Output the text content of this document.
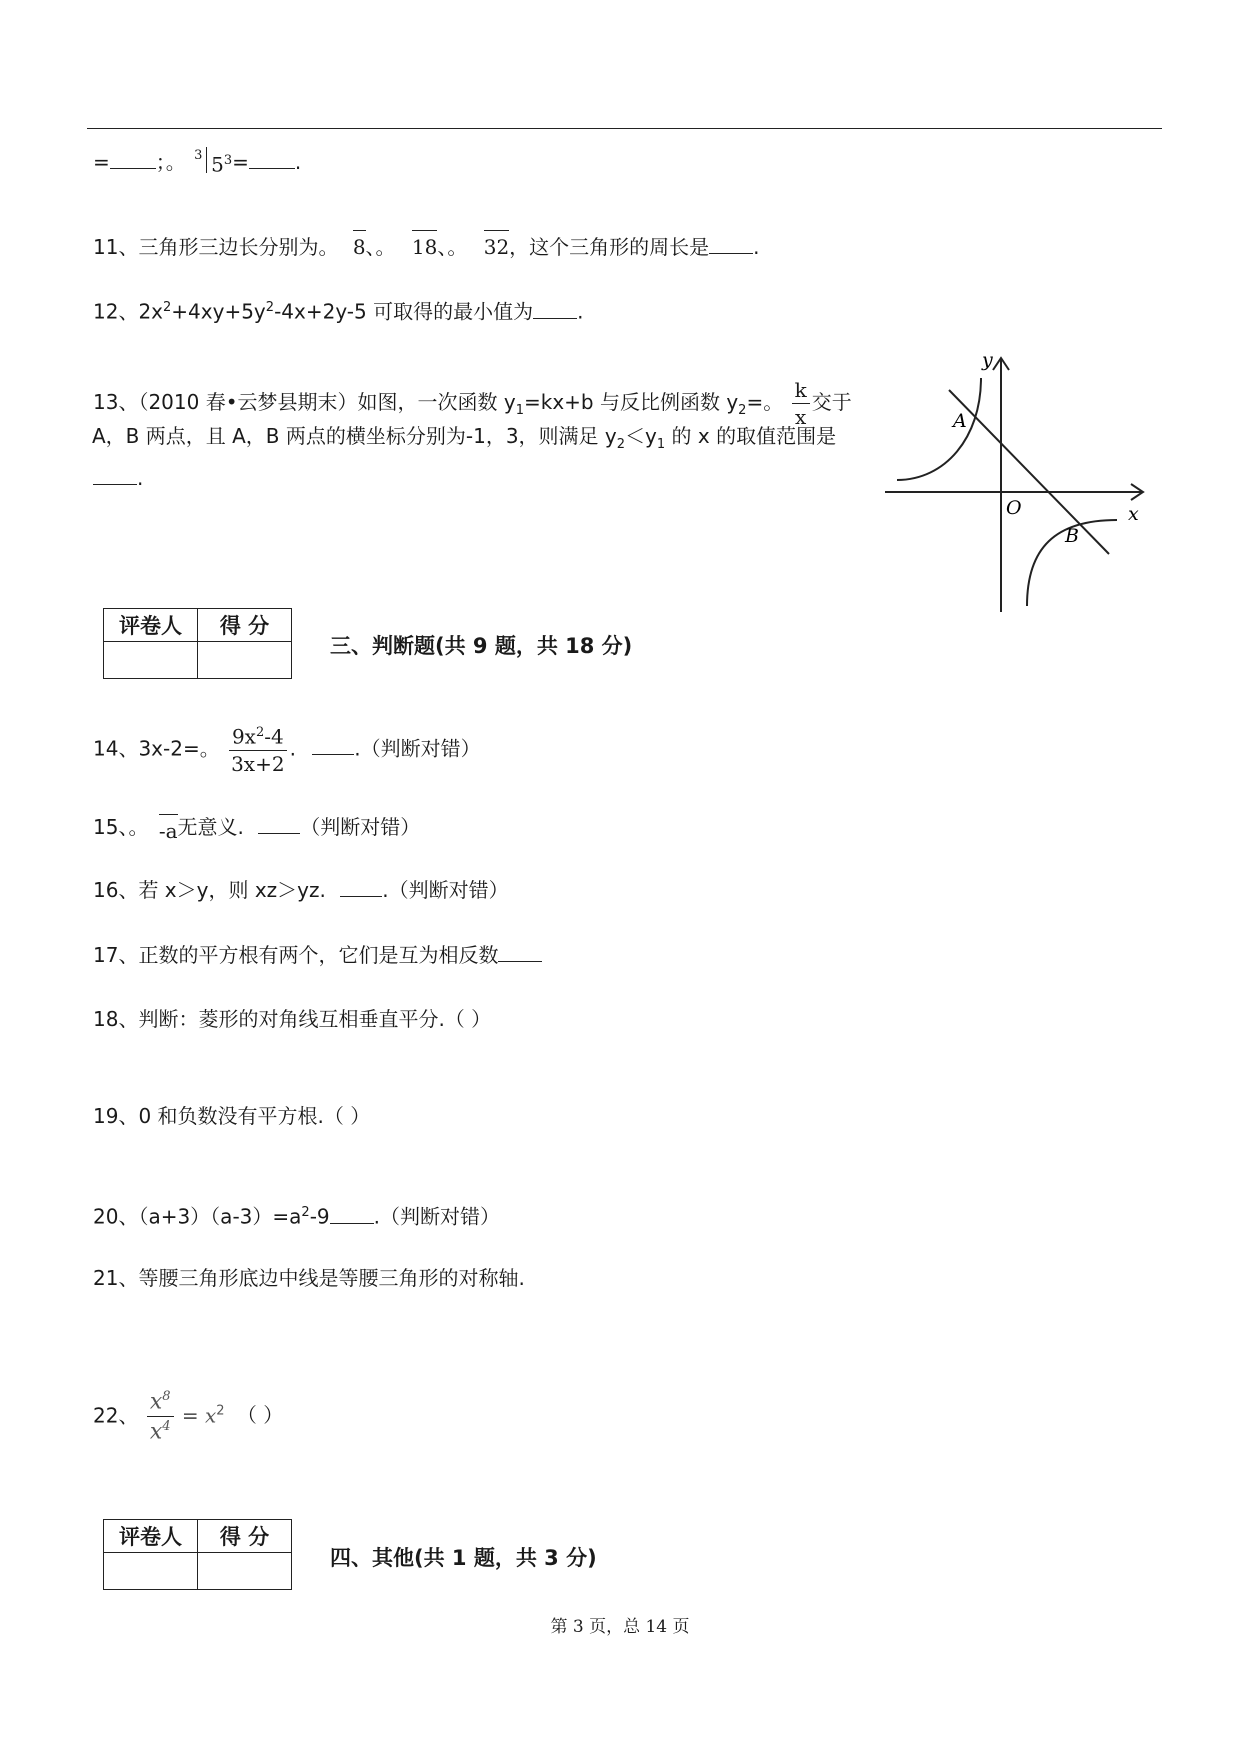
= ；。 3 $5^3=$ .
11、三角形三边长分别为。 8、。 18、。 32，这个三角形的周长是 .
12、$2x^2+4xy+5y^2-4x+2y-5$ 可取得的最小值为 .
13、（2010 春•云梦县期末）如图，一次函数 $y_1=kx+b$ 与反比例函数 $y_2=$。 $\frac{k}{x}$ 交于
A，B 两点，且 A，B 两点的横坐标分别为-1，3，则满足 $y_2<y_1$ 的 x 的取值范围是
.
y
x
O
A
B
评卷人	得 分

三、判断题(共 9 题，共 18 分)
14、3x-2=。 $\frac{9x^2-4}{3x+2}$ .	.（判断对错）
15、。 -a无意义.	（判断对错）
16、若 x＞y，则 xz＞yz.	.（判断对错）
17、正数的平方根有两个，它们是互为相反数
18、判断：菱形的对角线互相垂直平分.（ ）
19、0 和负数没有平方根.（ ）
20、$(a+3)(a-3)=a^2-9$ .（判断对错）
21、等腰三角形底边中线是等腰三角形的对称轴.
22、 $\frac{x^8}{x^4} = x^2$ （ ）
评卷人	得 分

四、其他(共 1 题，共 3 分)
第 3 页，总 14 页
